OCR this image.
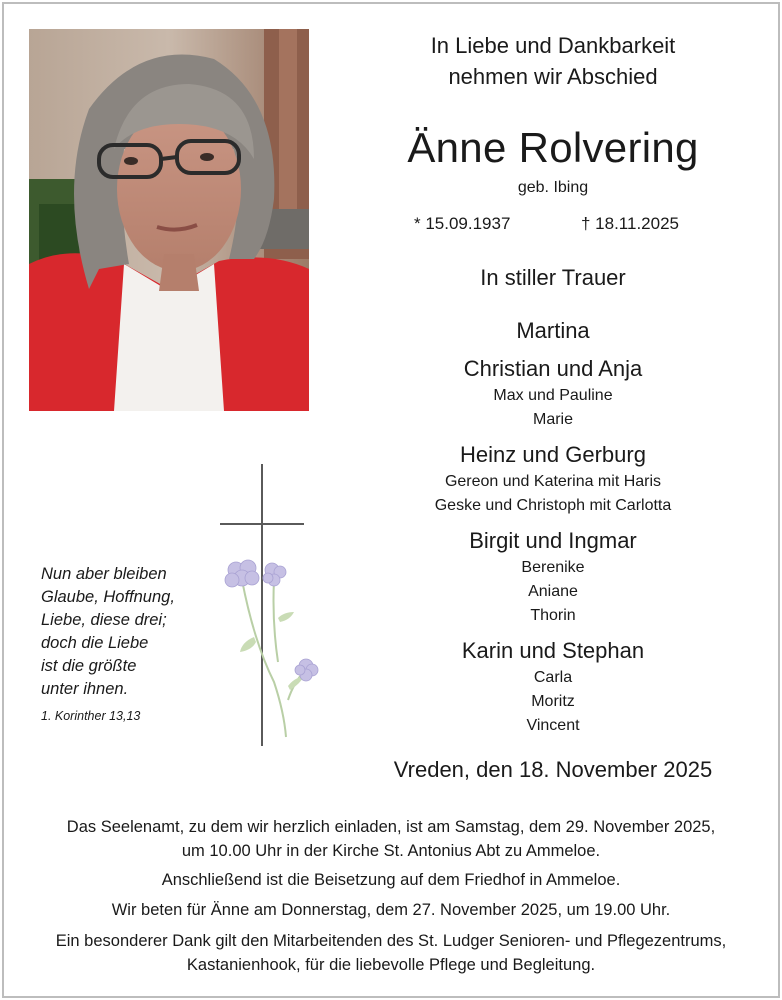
In Liebe und Dankbarkeit
nehmen wir Abschied
Änne Rolvering
geb. Ibing
* 15.09.1937	† 18.11.2025
In stiller Trauer
Martina
Christian und Anja
Max und Pauline
Marie
Heinz und Gerburg
Gereon und Katerina mit Haris
Geske und Christoph mit Carlotta
Birgit und Ingmar
Berenike
Aniane
Thorin
Karin und Stephan
Carla
Moritz
Vincent
Nun aber bleiben
Glaube, Hoffnung,
Liebe, diese drei;
doch die Liebe
ist die größte
unter ihnen.
1. Korinther 13,13
Vreden, den 18. November 2025
Das Seelenamt, zu dem wir herzlich einladen, ist am Samstag, dem 29. November 2025,
um 10.00 Uhr in der Kirche St. Antonius Abt zu Ammeloe.
Anschließend ist die Beisetzung auf dem Friedhof in Ammeloe.
Wir beten für Änne am Donnerstag, dem 27. November 2025, um 19.00 Uhr.
Ein besonderer Dank gilt den Mitarbeitenden des St. Ludger Senioren- und Pflegezentrums,
Kastanienhook, für die liebevolle Pflege und Begleitung.
